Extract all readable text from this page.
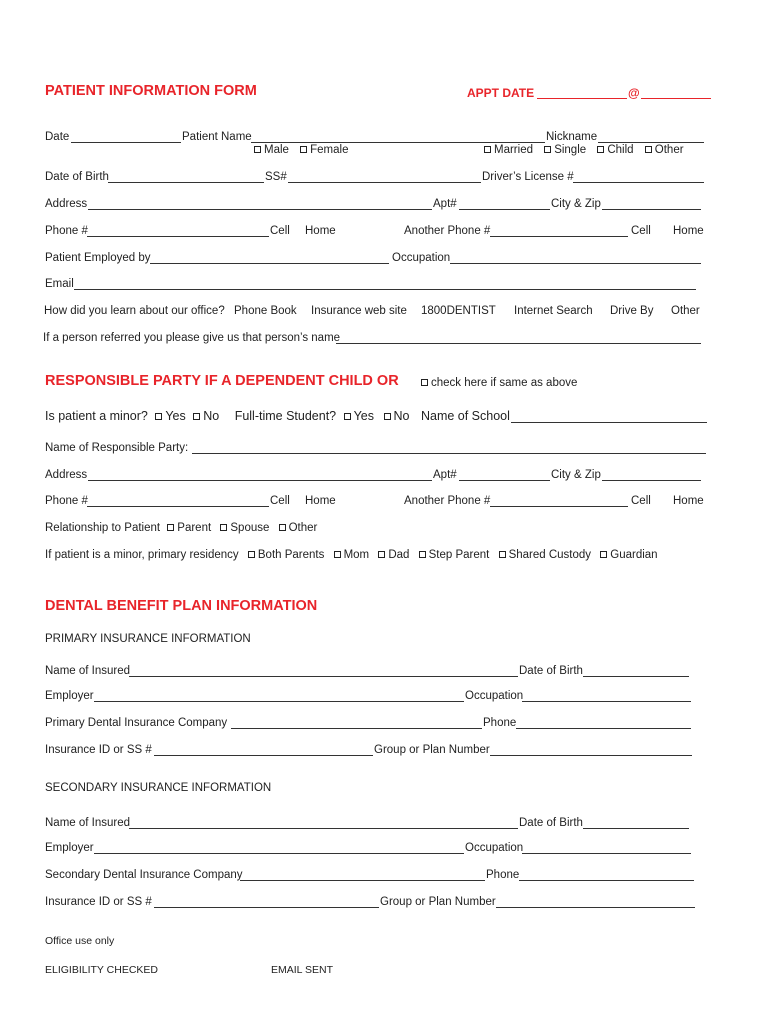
PATIENT INFORMATION FORM	APPT DATE	@
Date	Patient Name	Nickname
Male Female	Married Single Child Other
Date of Birth	SS#	Driver’s License #
Address	Apt#	City & Zip
Phone #	Cell Home	Another Phone #	Cell Home
Patient Employed by	Occupation
Email
How did you learn about our office? Phone Book Insurance web site 1800DENTIST Internet Search Drive By Other
If a person referred you please give us that person’s name
RESPONSIBLE PARTY IF A DEPENDENT CHILD OR	check here if same as above
Is patient a minor? Yes No Full-time Student? Yes No Name of School
Name of Responsible Party:
Address	Apt#	City & Zip
Phone #	Cell Home	Another Phone #	Cell Home
Relationship to Patient Parent Spouse Other
If patient is a minor, primary residency Both Parents Mom Dad Step Parent Shared Custody Guardian
DENTAL BENEFIT PLAN INFORMATION
PRIMARY INSURANCE INFORMATION
Name of Insured	Date of Birth
Employer	Occupation
Primary Dental Insurance Company	Phone
Insurance ID or SS #	Group or Plan Number
SECONDARY INSURANCE INFORMATION
Name of Insured	Date of Birth
Employer	Occupation
Secondary Dental Insurance Company	Phone
Insurance ID or SS #	Group or Plan Number
Office use only
ELIGIBILITY CHECKED	EMAIL SENT
